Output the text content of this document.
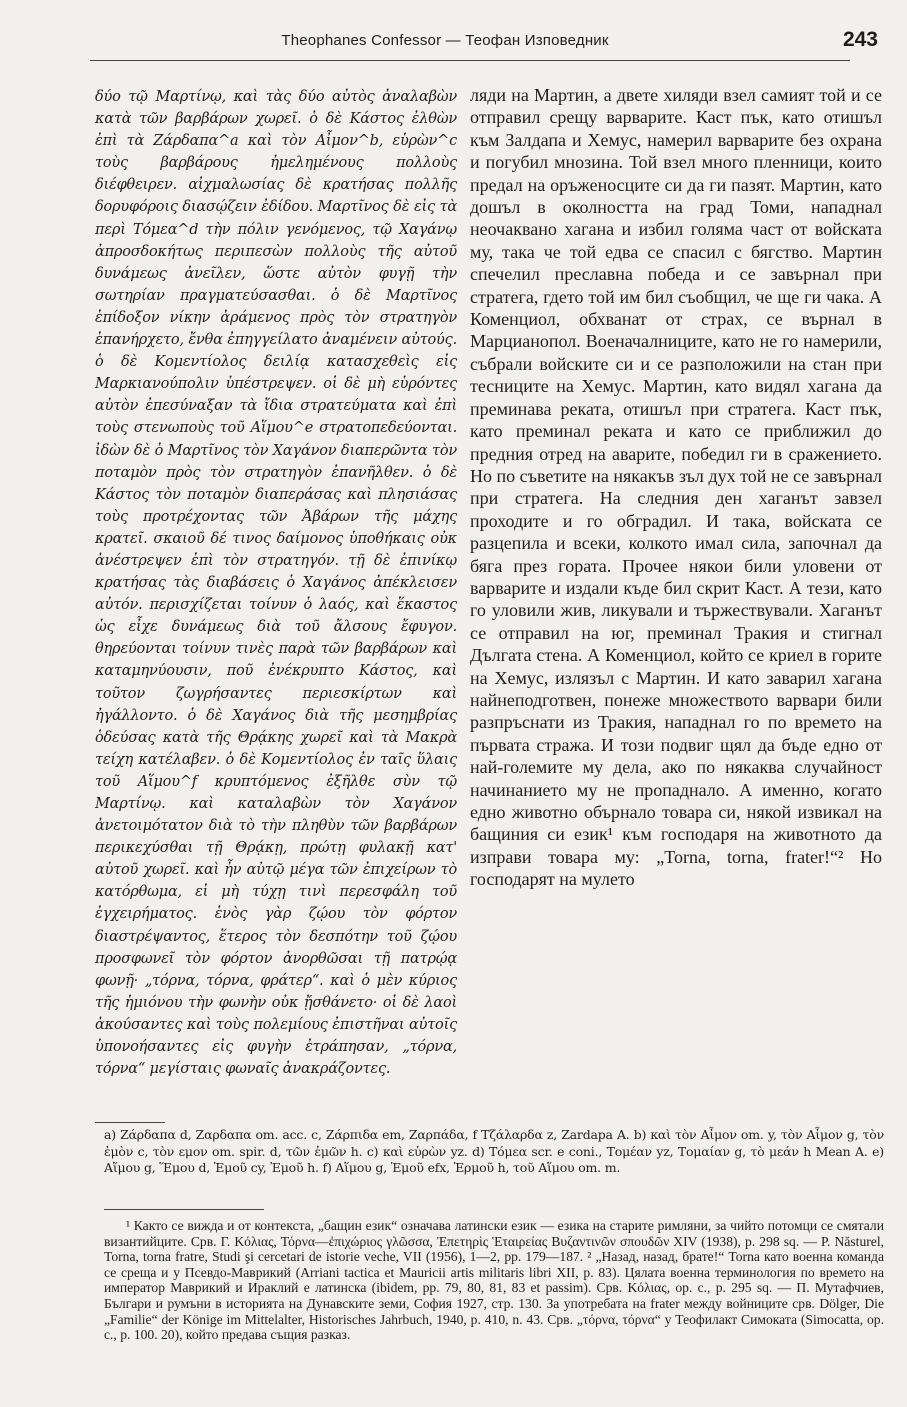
Theophanes Confessor — Теофан Изповедник	243

δύο τῷ Μαρτίνῳ, καὶ τὰς δύο αὐτὸς ἀναλαβὼν κατὰ τῶν βαρβάρων χωρεῖ. ὁ δὲ Κάστος ἐλθὼν ἐπὶ τὰ Ζάρδαπα^a καὶ τὸν Αἶμον^b, εὑρὼν^c τοὺς βαρβάρους ἠμελημένους πολλοὺς διέφθειρεν. αἰχμαλωσίας δὲ κρατήσας πολλῆς δορυφόροις διασῴζειν ἐδίδου. Μαρτῖνος δὲ εἰς τὰ περὶ Τόμεα^d τὴν πόλιν γενόμενος, τῷ Χαγάνῳ ἀπροσδοκήτως περιπεσὼν πολλοὺς τῆς αὐτοῦ δυνάμεως ἀνεῖλεν, ὥστε αὐτὸν φυγῇ τὴν σωτηρίαν πραγματεύσασθαι. ὁ δὲ Μαρτῖνος ἐπίδοξον νίκην ἀράμενος πρὸς τὸν στρατηγὸν ἐπανήρχετο, ἔνθα ἐπηγγείλατο ἀναμένειν αὐτούς. ὁ δὲ Κομεντίολος δειλίᾳ κατασχεθεὶς εἰς Μαρκιανούπολιν ὑπέστρεψεν. οἱ δὲ μὴ εὑρόντες αὐτὸν ἐπεσύναξαν τὰ ἴδια στρατεύματα καὶ ἐπὶ τοὺς στενωποὺς τοῦ Αἵμου^e στρατοπεδεύονται. ἰδὼν δὲ ὁ Μαρτῖνος τὸν Χαγάνον διαπερῶντα τὸν ποταμὸν πρὸς τὸν στρατηγὸν ἐπανῆλθεν. ὁ δὲ Κάστος τὸν ποταμὸν διαπεράσας καὶ πλησιάσας τοὺς προτρέχοντας τῶν Ἀβάρων τῆς μάχης κρατεῖ. σκαιοῦ δέ τινος δαίμονος ὑποθήκαις οὐκ ἀνέστρεψεν ἐπὶ τὸν στρατηγόν. τῇ δὲ ἐπινίκῳ κρατήσας τὰς διαβάσεις ὁ Χαγάνος ἀπέκλεισεν αὐτόν. περισχίζεται τοίνυν ὁ λαός, καὶ ἕκαστος ὡς εἶχε δυνάμεως διὰ τοῦ ἄλσους ἔφυγον. θηρεύονται τοίνυν τινὲς παρὰ τῶν βαρβάρων καὶ καταμηνύουσιν, ποῦ ἐνέκρυπτο Κάστος, καὶ τοῦτον ζωγρήσαντες περιεσκίρτων καὶ ἠγάλλοντο. ὁ δὲ Χαγάνος διὰ τῆς μεσημβρίας ὁδεύσας κατὰ τῆς Θρᾴκης χωρεῖ καὶ τὰ Μακρὰ τείχη κατέλαβεν. ὁ δὲ Κομεντίολος ἐν ταῖς ὕλαις τοῦ Αἵμου^f κρυπτόμενος ἐξῆλθε σὺν τῷ Μαρτίνῳ. καὶ καταλαβὼν τὸν Χαγάνον ἀνετοιμότατον διὰ τὸ τὴν πληθὺν τῶν βαρβάρων περικεχύσθαι τῇ Θρᾴκῃ, πρώτῃ φυλακῇ κατ' αὐτοῦ χωρεῖ. καὶ ἦν αὐτῷ μέγα τῶν ἐπιχείρων τὸ κατόρθωμα, εἰ μὴ τύχῃ τινὶ περεσφάλη τοῦ ἐγχειρήματος. ἑνὸς γὰρ ζῴου τὸν φόρτον διαστρέψαντος, ἕτερος τὸν δεσπότην τοῦ ζῴου προσφωνεῖ τὸν φόρτον ἀνορθῶσαι τῇ πατρῴᾳ φωνῇ· „τόρνα, τόρνα, φράτερ“. καὶ ὁ μὲν κύριος τῆς ἡμιόνου τὴν φωνὴν οὐκ ᾔσθάνετο· οἱ δὲ λαοὶ ἀκούσαντες καὶ τοὺς πολεμίους ἐπιστῆναι αὐτοῖς ὑπονοήσαντες εἰς φυγὴν ἐτράπησαν, „τόρνα, τόρνα“ μεγίσταις φωναῖς ἀνακράζοντες.

ляди на Мартин, а двете хиляди взел самият той и се отправил срещу варварите. Каст пък, като отишъл към Залдапа и Хемус, намерил варварите без охрана и погубил мнозина. Той взел много пленници, които предал на оръженосците си да ги пазят. Мартин, като дошъл в околността на град Томи, нападнал неочаквано хагана и избил голяма част от войската му, така че той едва се спасил с бягство. Мартин спечелил преславна победа и се завърнал при стратега, гдето той им бил съобщил, че ще ги чака. А Коменциол, обхванат от страх, се върнал в Марцианопол. Военачалниците, като не го намерили, събрали войските си и се разположили на стан при тесниците на Хемус. Мартин, като видял хагана да преминава реката, отишъл при стратега. Каст пък, като преминал реката и като се приближил до предния отред на аварите, победил ги в сражението. Но по съветите на някакъв зъл дух той не се завърнал при стратега. На следния ден хаганът завзел проходите и го обградил. И така, войската се разцепила и всеки, колкото имал сила, започнал да бяга през гората. Прочее някои били уловени от варварите и издали къде бил скрит Каст. А тези, като го уловили жив, ликували и тържествували. Хаганът се отправил на юг, преминал Тракия и стигнал Дългата стена. А Коменциол, който се криел в горите на Хемус, излязъл с Мартин. И като заварил хагана найнеподготвен, понеже множеството варвари били разпръснати из Тракия, нападнал го по времето на първата стража. И този подвиг щял да бъде едно от най-големите му дела, ако по някаква случайност начинанието му не пропаднало. А именно, когато едно животно обърнало товара си, някой извикал на бащиния си език¹ към господаря на животното да изправи товара му: „Torna, torna, frater!“² Но господарят на мулето

a) Ζάρδαπα d, Ζαρδαπα om. acc. c, Ζάρπιδα em, Ζαρπάδα, f Τζάλαρδα z, Zardapa A. b) καὶ τὸν Αἶμον om. y, τὸν Αἶμον g, τὸν ἐμὸν c, τὸν εμον om. spir. d, τῶν ἐμῶν h. c) καὶ εὑρὼν yz. d) Τόμεα scr. e coni., Τομέαν yz, Τομαίαν g, τὸ μεάν h Mean A. e) Αἵμου g, Ἕμου d, Ἐμοῦ cy, Ἐμοῦ h. f) Αἵμου g, Ἐμοῦ efx, Ἐρμοῦ h, τοῦ Αἵμου om. m.

¹ Както се вижда и от контекста, „бащин език“ означава латински език — езика на старите римляни, за чийто потомци се смятали византийците. Срв. Γ. Κόλιας, Τόρνα—ἐπιχώριος γλῶσσα, Ἐπετηρὶς Ἑταιρείας Βυζαντινῶν σπουδῶν XIV (1938), p. 298 sq. — P. Năsturel, Torna, torna fratre, Studi şi cercetari de istorie veche, VII (1956), 1—2, pp. 179—187. ² „Назад, назад, брате!“ Torna като военна команда се среща и у Псевдо-Маврикий (Arriani tactica et Mauricii artis militaris libri XII, p. 83). Цялата военна терминология по времето на император Маврикий и Ираклий е латинска (ibidem, pp. 79, 80, 81, 83 et passim). Срв. Κόλιας, op. c., p. 295 sq. — П. Мутафчиев, Българи и румъни в историята на Дунавските земи, София 1927, стр. 130. За употребата на frater между войниците срв. Dölger, Die „Familie“ der Könige im Mittelalter, Historisches Jahrbuch, 1940, p. 410, n. 43. Срв. „τόρνα, τόρνα“ у Теофилакт Симоката (Simocatta, op. c., p. 100. 20), който предава същия разказ.
